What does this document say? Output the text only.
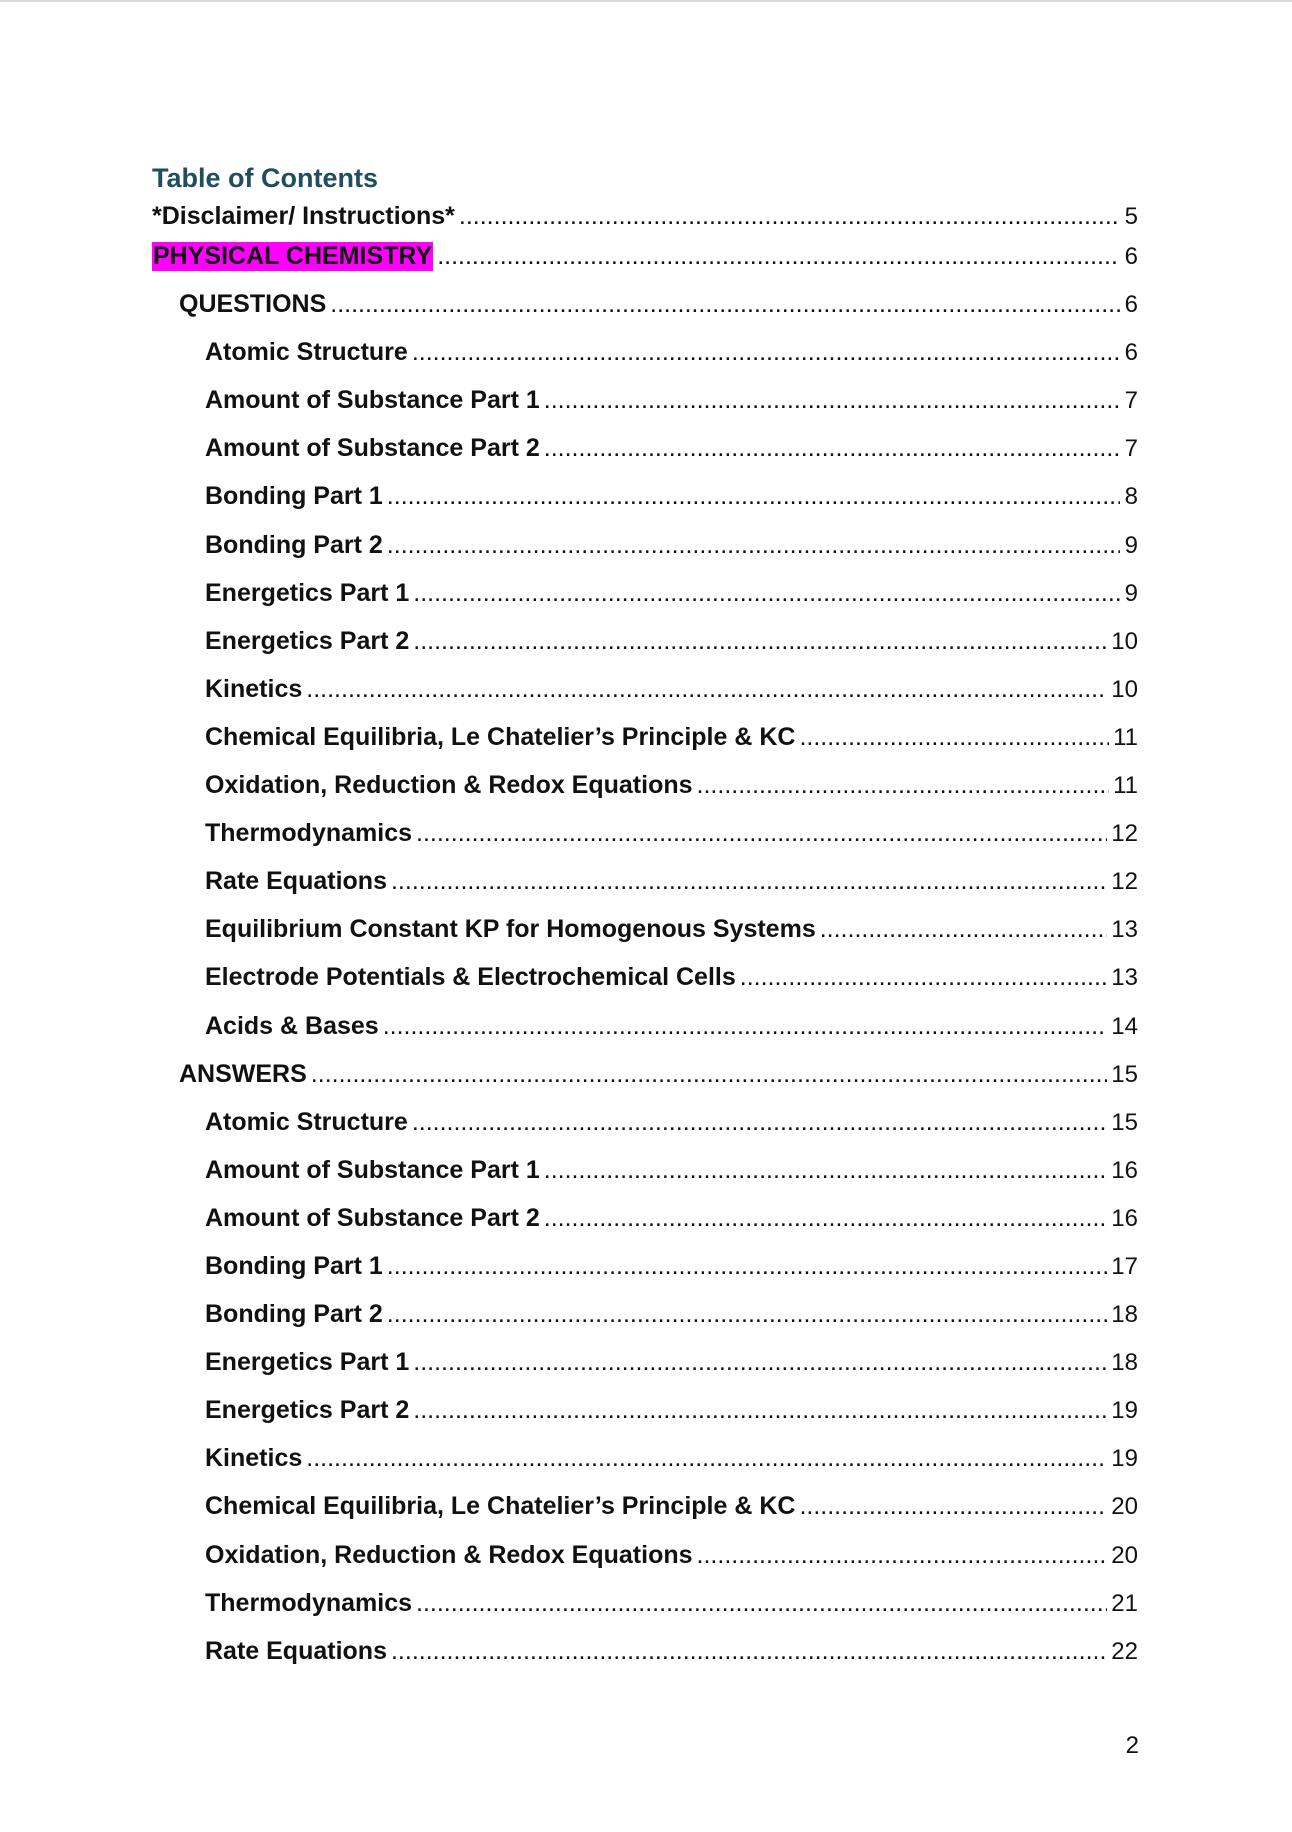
Table of Contents
*Disclaimer/ Instructions* .....	5
PHYSICAL CHEMISTRY .....	6
QUESTIONS .....	6
Atomic Structure .....	6
Amount of Substance Part 1 .....	7
Amount of Substance Part 2 .....	7
Bonding Part 1 .....	8
Bonding Part 2 .....	9
Energetics Part 1 .....	9
Energetics Part 2 .....	10
Kinetics .....	10
Chemical Equilibria, Le Chatelier’s Principle & KC .....	11
Oxidation, Reduction & Redox Equations .....	11
Thermodynamics .....	12
Rate Equations .....	12
Equilibrium Constant KP for Homogenous Systems .....	13
Electrode Potentials & Electrochemical Cells .....	13
Acids & Bases .....	14
ANSWERS .....	15
Atomic Structure .....	15
Amount of Substance Part 1 .....	16
Amount of Substance Part 2 .....	16
Bonding Part 1 .....	17
Bonding Part 2 .....	18
Energetics Part 1 .....	18
Energetics Part 2 .....	19
Kinetics .....	19
Chemical Equilibria, Le Chatelier’s Principle & KC .....	20
Oxidation, Reduction & Redox Equations .....	20
Thermodynamics .....	21
Rate Equations .....	22
2
